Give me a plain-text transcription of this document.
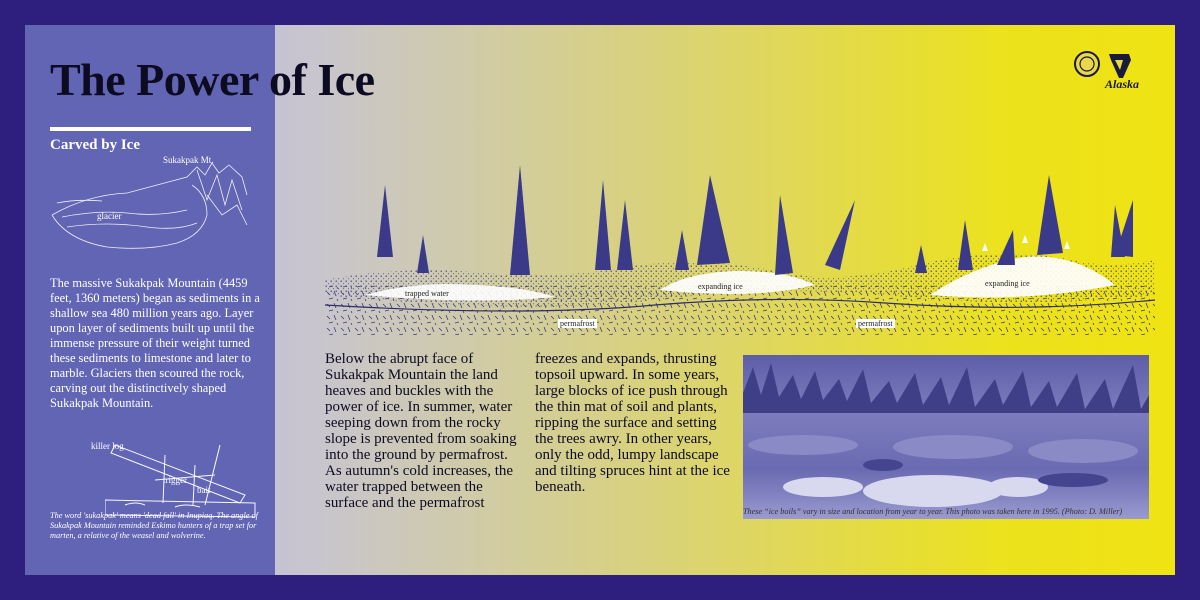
Carved by Ice
Sukakpak Mt.
glacier
The massive Sukakpak Mountain (4459 feet, 1360 meters) began as sediments in a shallow sea 480 million years ago. Layer upon layer of sediments built up until the immense pressure of their weight turned these sediments to limestone and later to marble. Glaciers then scoured the rock, carving out the distinctively shaped Sukakpak Mountain.
killer log
trigger
bait
The word 'sukakpak' means 'dead fall' in Inupiaq. The angle of Sukakpak Mountain reminded Eskimo hunters of a trap set for marten, a relative of the weasel and wolverine.
The Power of Ice	Alaska
trapped water
expanding ice	expanding ice
permafrost	permafrost
Below the abrupt face of Sukakpak Mountain the land heaves and buckles with the power of ice. In summer, water seeping down from the rocky slope is prevented from soaking into the ground by permafrost. As autumn's cold increases, the water trapped between the surface and the permafrost
freezes and expands, thrusting topsoil upward. In some years, large blocks of ice push through the thin mat of soil and plants, ripping the surface and setting the trees awry. In other years, only the odd, lumpy landscape and tilting spruces hint at the ice beneath.
These “ice boils” vary in size and location from year to year. This photo was taken here in 1995. (Photo: D. Miller)
